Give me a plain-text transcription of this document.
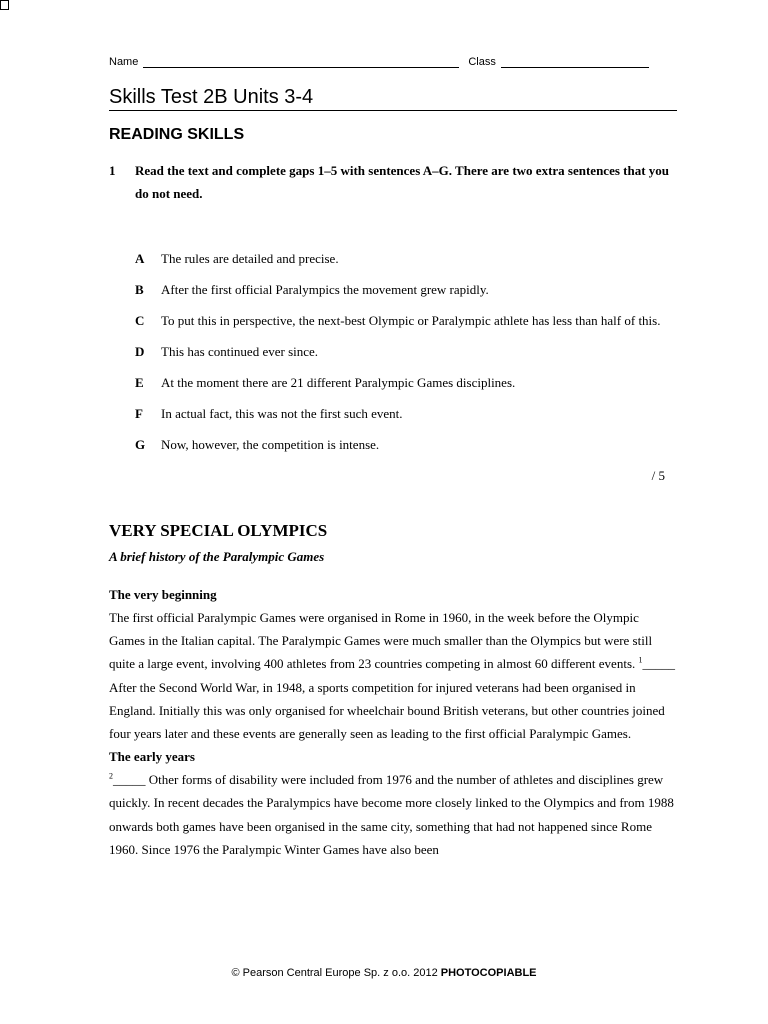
Name	Class
Skills Test 2B Units 3-4
READING SKILLS
1	Read the text and complete gaps 1–5 with sentences A–G. There are two extra sentences that you do not need.
A	The rules are detailed and precise.
B	After the first official Paralympics the movement grew rapidly.
C	To put this in perspective, the next-best Olympic or Paralympic athlete has less than half of this.
D	This has continued ever since.
E	At the moment there are 21 different Paralympic Games disciplines.
F	In actual fact, this was not the first such event.
G	Now, however, the competition is intense.
/ 5
VERY SPECIAL OLYMPICS
A brief history of the Paralympic Games
The very beginning
The first official Paralympic Games were organised in Rome in 1960, in the week before the Olympic Games in the Italian capital. The Paralympic Games were much smaller than the Olympics but were still quite a large event, involving 400 athletes from 23 countries competing in almost 60 different events. $^1$_____ After the Second World War, in 1948, a sports competition for injured veterans had been organised in England. Initially this was only organised for wheelchair bound British veterans, but other countries joined four years later and these events are generally seen as leading to the first official Paralympic Games.
The early years
$^2$_____ Other forms of disability were included from 1976 and the number of athletes and disciplines grew quickly. In recent decades the Paralympics have become more closely linked to the Olympics and from 1988 onwards both games have been organised in the same city, something that had not happened since Rome 1960. Since 1976 the Paralympic Winter Games have also been
© Pearson Central Europe Sp. z o.o. 2012 PHOTOCOPIABLE
